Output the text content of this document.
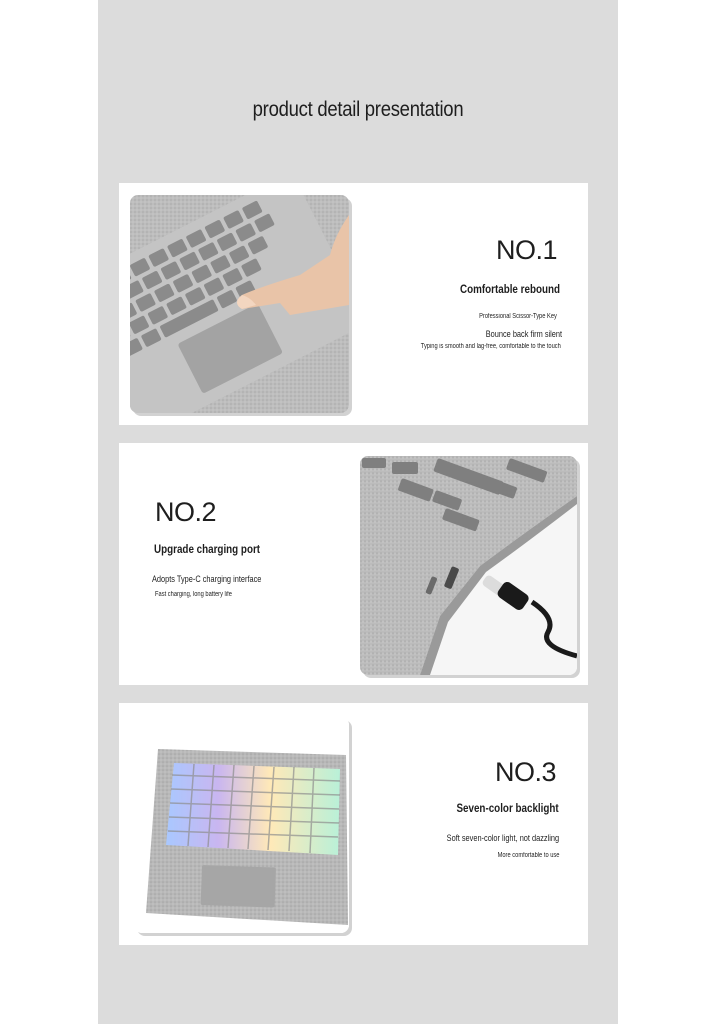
product detail presentation
NO.1
Comfortable rebound
Professional Scissor-Type Key
Bounce back firm silent
Typing is smooth and lag-free, comfortable to the touch
NO.2
Upgrade charging port
Adopts Type-C charging interface
Fast charging, long battery life
NO.3
Seven-color backlight
Soft seven-color light, not dazzling
More comfortable to use
